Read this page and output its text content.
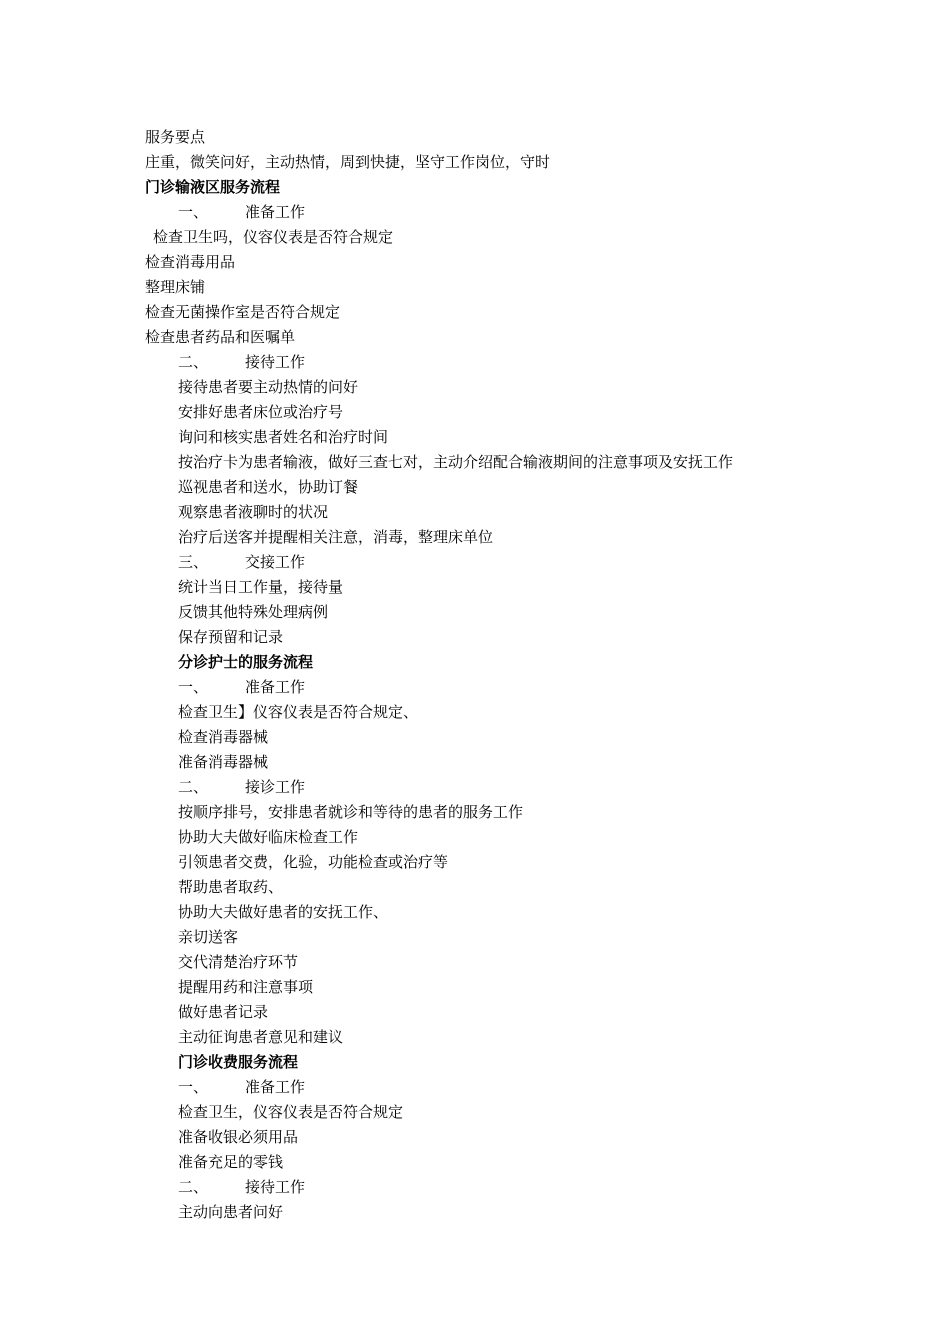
服务要点
庄重，微笑问好，主动热情，周到快捷，坚守工作岗位，守时
门诊输液区服务流程
一、 准备工作
检查卫生吗，仪容仪表是否符合规定
检查消毒用品
整理床铺
检查无菌操作室是否符合规定
检查患者药品和医嘱单
二、 接待工作
接待患者要主动热情的问好
安排好患者床位或治疗号
询问和核实患者姓名和治疗时间
按治疗卡为患者输液，做好三查七对，主动介绍配合输液期间的注意事项及安抚工作
巡视患者和送水，协助订餐
观察患者液聊时的状况
治疗后送客并提醒相关注意，消毒，整理床单位
三、 交接工作
统计当日工作量，接待量
反馈其他特殊处理病例
保存预留和记录
分诊护士的服务流程
一、 准备工作
检查卫生】仪容仪表是否符合规定、
检查消毒器械
准备消毒器械
二、 接诊工作
按顺序排号，安排患者就诊和等待的患者的服务工作
协助大夫做好临床检查工作
引领患者交费，化验，功能检查或治疗等
帮助患者取药、
协助大夫做好患者的安抚工作、
亲切送客
交代清楚治疗环节
提醒用药和注意事项
做好患者记录
主动征询患者意见和建议
门诊收费服务流程
一、 准备工作
检查卫生，仪容仪表是否符合规定
准备收银必须用品
准备充足的零钱
二、 接待工作
主动向患者问好
